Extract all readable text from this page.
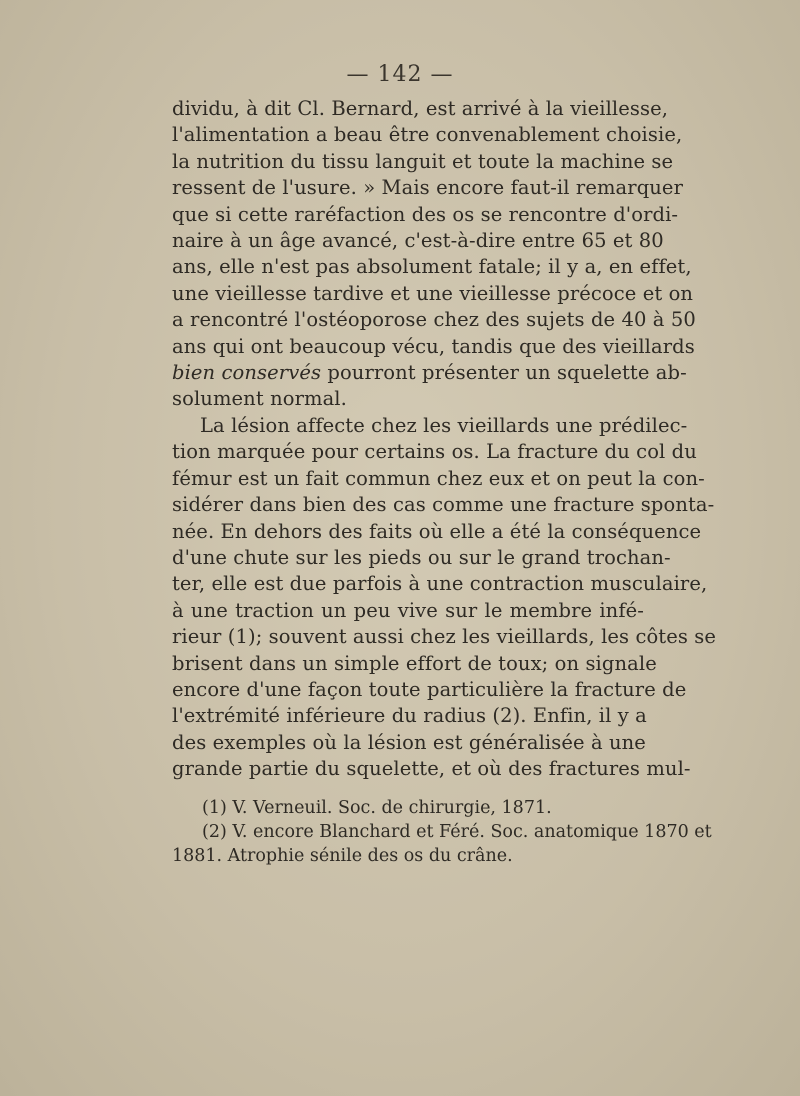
— 142 —
dividu, à dit Cl. Bernard, est arrivé à la vieillesse,
l'alimentation a beau être convenablement choisie,
la nutrition du tissu languit et toute la machine se
ressent de l'usure. » Mais encore faut-il remarquer
que si cette raréfaction des os se rencontre d'ordi-
naire à un âge avancé, c'est-à-dire entre 65 et 80
ans, elle n'est pas absolument fatale; il y a, en effet,
une vieillesse tardive et une vieillesse précoce et on
a rencontré l'ostéoporose chez des sujets de 40 à 50
ans qui ont beaucoup vécu, tandis que des vieillards
bien conservés pourront présenter un squelette ab-
solument normal.
La lésion affecte chez les vieillards une prédilec-
tion marquée pour certains os. La fracture du col du
fémur est un fait commun chez eux et on peut la con-
sidérer dans bien des cas comme une fracture sponta-
née. En dehors des faits où elle a été la conséquence
d'une chute sur les pieds ou sur le grand trochan-
ter, elle est due parfois à une contraction musculaire,
à une traction un peu vive sur le membre infé-
rieur (1); souvent aussi chez les vieillards, les côtes se
brisent dans un simple effort de toux; on signale
encore d'une façon toute particulière la fracture de
l'extrémité inférieure du radius (2). Enfin, il y a
des exemples où la lésion est généralisée à une
grande partie du squelette, et où des fractures mul-
(1) V. Verneuil. Soc. de chirurgie, 1871.
(2) V. encore Blanchard et Féré. Soc. anatomique 1870 et
1881. Atrophie sénile des os du crâne.
